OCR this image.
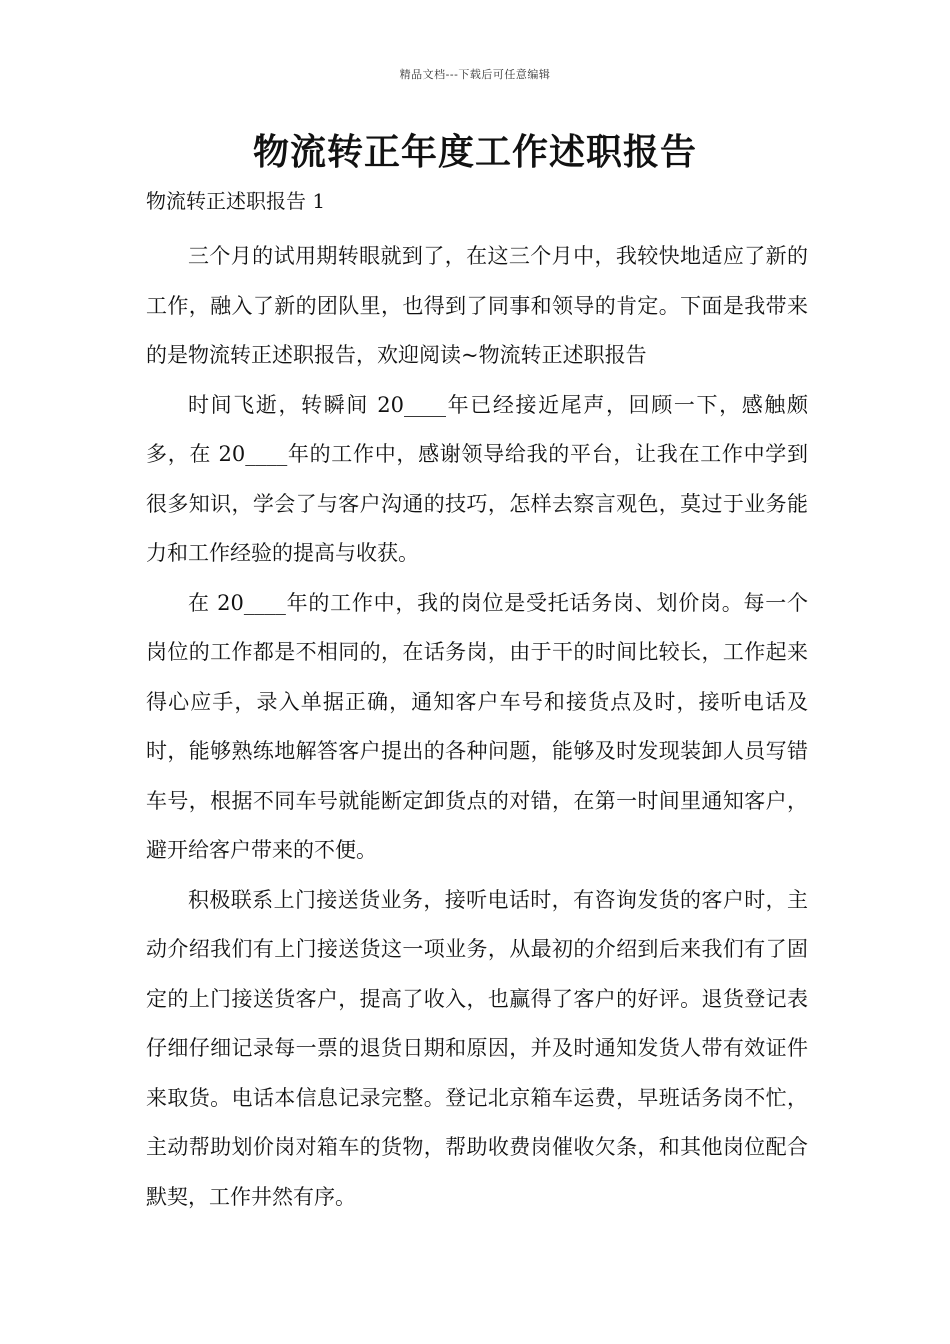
精品文档---下载后可任意编辑
物流转正年度工作述职报告

物流转正述职报告 1

三个月的试用期转眼就到了，在这三个月中，我较快地适应了新的工作，融入了新的团队里，也得到了同事和领导的肯定。下面是我带来的是物流转正述职报告，欢迎阅读~物流转正述职报告

时间飞逝，转瞬间 20____年已经接近尾声，回顾一下，感触颇多，在 20____年的工作中，感谢领导给我的平台，让我在工作中学到很多知识，学会了与客户沟通的技巧，怎样去察言观色，莫过于业务能力和工作经验的提高与收获。

在 20____年的工作中，我的岗位是受托话务岗、划价岗。每一个岗位的工作都是不相同的，在话务岗，由于干的时间比较长，工作起来得心应手，录入单据正确，通知客户车号和接货点及时，接听电话及时，能够熟练地解答客户提出的各种问题，能够及时发现装卸人员写错车号，根据不同车号就能断定卸货点的对错，在第一时间里通知客户，避开给客户带来的不便。

积极联系上门接送货业务，接听电话时，有咨询发货的客户时，主动介绍我们有上门接送货这一项业务，从最初的介绍到后来我们有了固定的上门接送货客户，提高了收入，也赢得了客户的好评。退货登记表仔细仔细记录每一票的退货日期和原因，并及时通知发货人带有效证件来取货。电话本信息记录完整。登记北京箱车运费，早班话务岗不忙，主动帮助划价岗对箱车的货物，帮助收费岗催收欠条，和其他岗位配合默契，工作井然有序。
